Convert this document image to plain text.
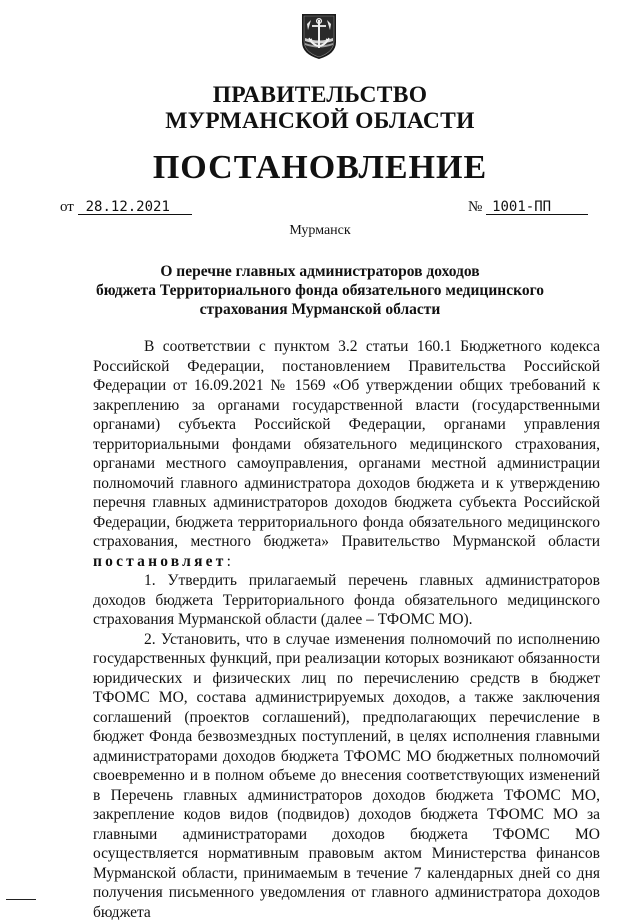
ПРАВИТЕЛЬСТВО
МУРМАНСКОЙ ОБЛАСТИ
ПОСТАНОВЛЕНИЕ
от 28.12.2021	№ 1001-ПП
Мурманск
О перечне главных администраторов доходов
бюджета Территориального фонда обязательного медицинского
страхования Мурманской области

В соответствии с пунктом 3.2 статьи 160.1 Бюджетного кодекса Российской Федерации, постановлением Правительства Российской Федерации от 16.09.2021 № 1569 «Об утверждении общих требований к закреплению за органами государственной власти (государственными органами) субъекта Российской Федерации, органами управления территориальными фондами обязательного медицинского страхования, органами местного самоуправления, органами местной администрации полномочий главного администратора доходов бюджета и к утверждению перечня главных администраторов доходов бюджета субъекта Российской Федерации, бюджета территориального фонда обязательного медицинского страхования, местного бюджета» Правительство Мурманской области постановляет:

1. Утвердить прилагаемый перечень главных администраторов доходов бюджета Территориального фонда обязательного медицинского страхования Мурманской области (далее – ТФОМС МО).

2. Установить, что в случае изменения полномочий по исполнению государственных функций, при реализации которых возникают обязанности юридических и физических лиц по перечислению средств в бюджет ТФОМС МО, состава администрируемых доходов, а также заключения соглашений (проектов соглашений), предполагающих перечисление в бюджет Фонда безвозмездных поступлений, в целях исполнения главными администраторами доходов бюджета ТФОМС МО бюджетных полномочий своевременно и в полном объеме до внесения соответствующих изменений в Перечень главных администраторов доходов бюджета ТФОМС МО, закрепление кодов видов (подвидов) доходов бюджета ТФОМС МО за главными администраторами доходов бюджета ТФОМС МО осуществляется нормативным правовым актом Министерства финансов Мурманской области, принимаемым в течение 7 календарных дней со дня получения письменного уведомления от главного администратора доходов бюджета
